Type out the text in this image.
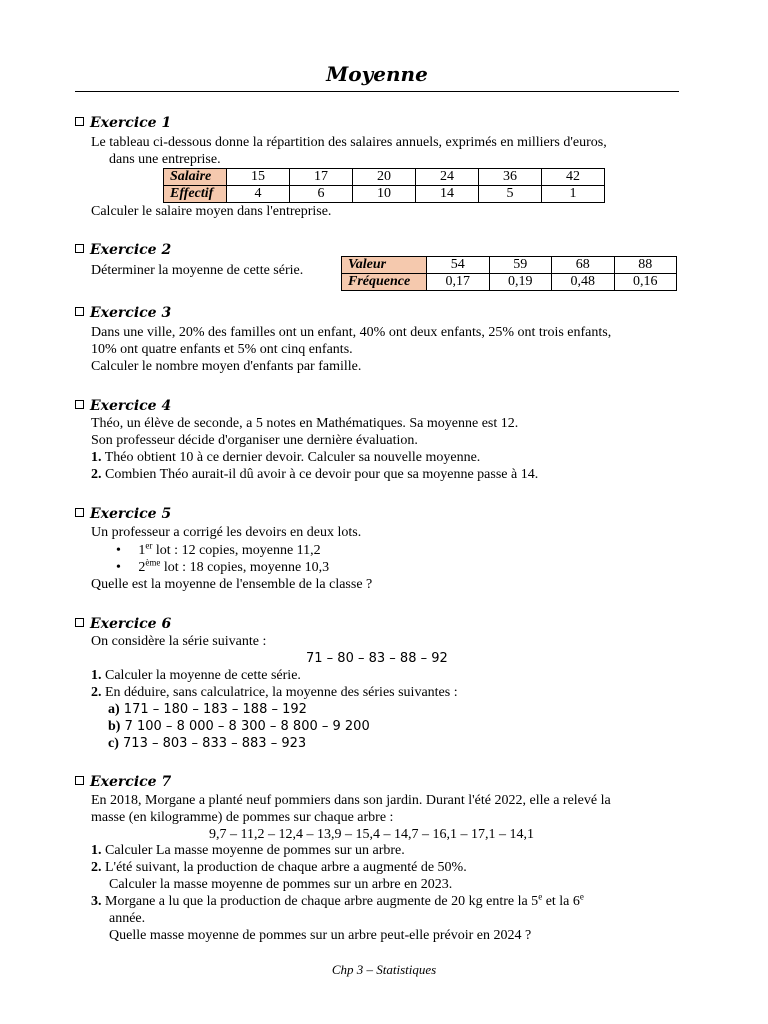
Moyenne
Exercice 1
Le tableau ci-dessous donne la répartition des salaires annuels, exprimés en milliers d'euros,
dans une entreprise.
Salaire	15	17	20	24	36	42
Effectif	4	6	10	14	5	1
Calculer le salaire moyen dans l'entreprise.
Exercice 2
Déterminer la moyenne de cette série.	Valeur	54	59	68	88
Fréquence	0,17	0,19	0,48	0,16
Exercice 3
Dans une ville, 20% des familles ont un enfant, 40% ont deux enfants, 25% ont trois enfants,
10% ont quatre enfants et 5% ont cinq enfants.
Calculer le nombre moyen d'enfants par famille.
Exercice 4
Théo, un élève de seconde, a 5 notes en Mathématiques. Sa moyenne est 12.
Son professeur décide d'organiser une dernière évaluation.
1. Théo obtient 10 à ce dernier devoir. Calculer sa nouvelle moyenne.
2. Combien Théo aurait-il dû avoir à ce devoir pour que sa moyenne passe à 14.
Exercice 5
Un professeur a corrigé les devoirs en deux lots.
• 1er lot : 12 copies, moyenne 11,2
• 2ème lot : 18 copies, moyenne 10,3
Quelle est la moyenne de l'ensemble de la classe ?
Exercice 6
On considère la série suivante :
71 – 80 – 83 – 88 – 92
1. Calculer la moyenne de cette série.
2. En déduire, sans calculatrice, la moyenne des séries suivantes :
a) 171 – 180 – 183 – 188 – 192
b) 7 100 – 8 000 – 8 300 – 8 800 – 9 200
c) 713 – 803 – 833 – 883 – 923
Exercice 7
En 2018, Morgane a planté neuf pommiers dans son jardin. Durant l'été 2022, elle a relevé la
masse (en kilogramme) de pommes sur chaque arbre :
9,7 – 11,2 – 12,4 – 13,9 – 15,4 – 14,7 – 16,1 – 17,1 – 14,1
1. Calculer La masse moyenne de pommes sur un arbre.
2. L'été suivant, la production de chaque arbre a augmenté de 50%.
Calculer la masse moyenne de pommes sur un arbre en 2023.
3. Morgane a lu que la production de chaque arbre augmente de 20 kg entre la 5e et la 6e
année.
Quelle masse moyenne de pommes sur un arbre peut-elle prévoir en 2024 ?
Chp 3 – Statistiques
